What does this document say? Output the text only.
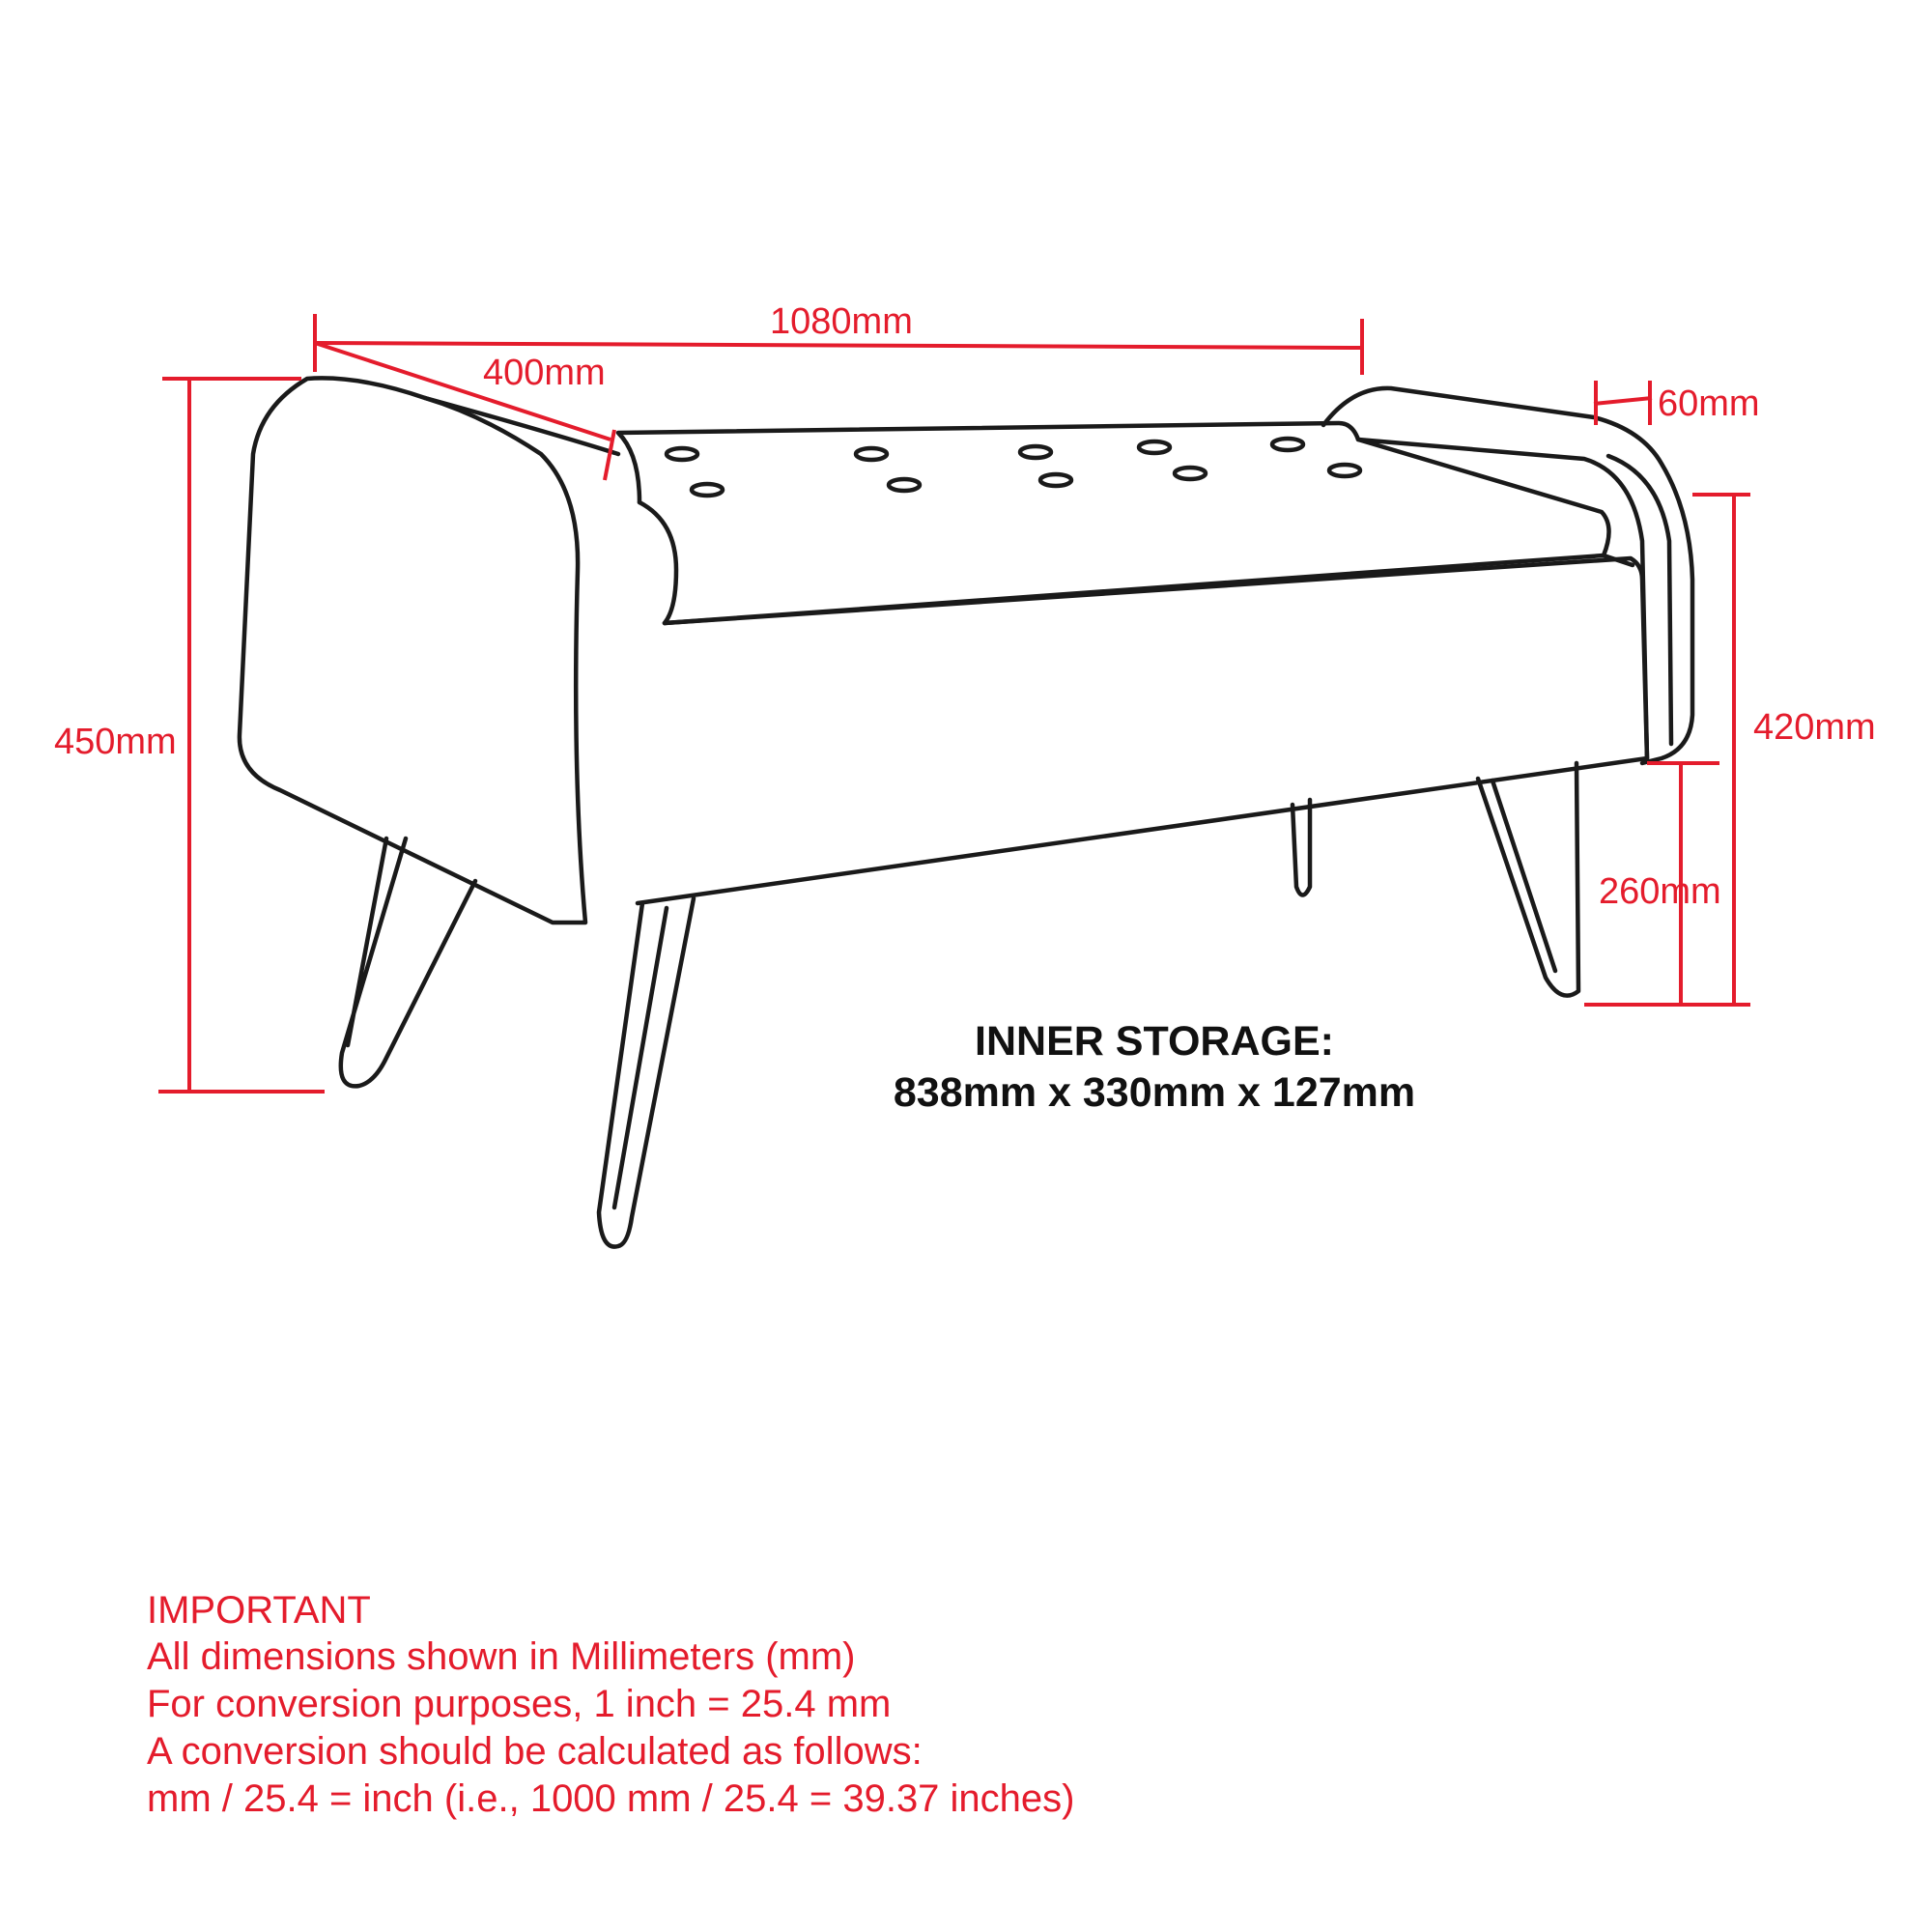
1080mm
400mm
60mm
450mm	420mm
260mm
INNER STORAGE:
838mm x 330mm x 127mm
IMPORTANT
All dimensions shown in Millimeters (mm)
For conversion purposes, 1 inch = 25.4 mm
A conversion should be calculated as follows:
mm / 25.4 = inch (i.e., 1000 mm / 25.4 = 39.37 inches)
